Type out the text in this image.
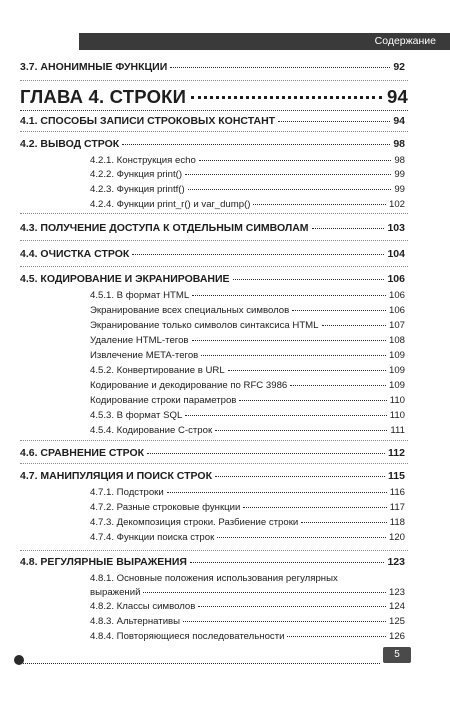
Содержание
3.7. АНОНИМНЫЕ ФУНКЦИИ	92
ГЛАВА 4. СТРОКИ	94
4.1. СПОСОБЫ ЗАПИСИ СТРОКОВЫХ КОНСТАНТ	94
4.2. ВЫВОД СТРОК	98
4.2.1. Конструкция echo	98
4.2.2. Функция print()	99
4.2.3. Функция printf()	99
4.2.4. Функции print_r() и var_dump()	102
4.3. ПОЛУЧЕНИЕ ДОСТУПА К ОТДЕЛЬНЫМ СИМВОЛАМ	103
4.4. ОЧИСТКА СТРОК	104
4.5. КОДИРОВАНИЕ И ЭКРАНИРОВАНИЕ	106
4.5.1. В формат HTML	106
Экранирование всех специальных символов	106
Экранирование только символов синтаксиса HTML	107
Удаление HTML-тегов	108
Извлечение META-тегов	109
4.5.2. Конвертирование в URL	109
Кодирование и декодирование по RFC 3986	109
Кодирование строки параметров	110
4.5.3. В формат SQL	110
4.5.4. Кодирование C-строк	111
4.6. СРАВНЕНИЕ СТРОК	112
4.7. МАНИПУЛЯЦИЯ И ПОИСК СТРОК	115
4.7.1. Подстроки	116
4.7.2. Разные строковые функции	117
4.7.3. Декомпозиция строки. Разбиение строки	118
4.7.4. Функции поиска строк	120
4.8. РЕГУЛЯРНЫЕ ВЫРАЖЕНИЯ	123
4.8.1. Основные положения использования регулярных
выражений	123
4.8.2. Классы символов	124
4.8.3. Альтернативы	125
4.8.4. Повторяющиеся последовательности	126
5
